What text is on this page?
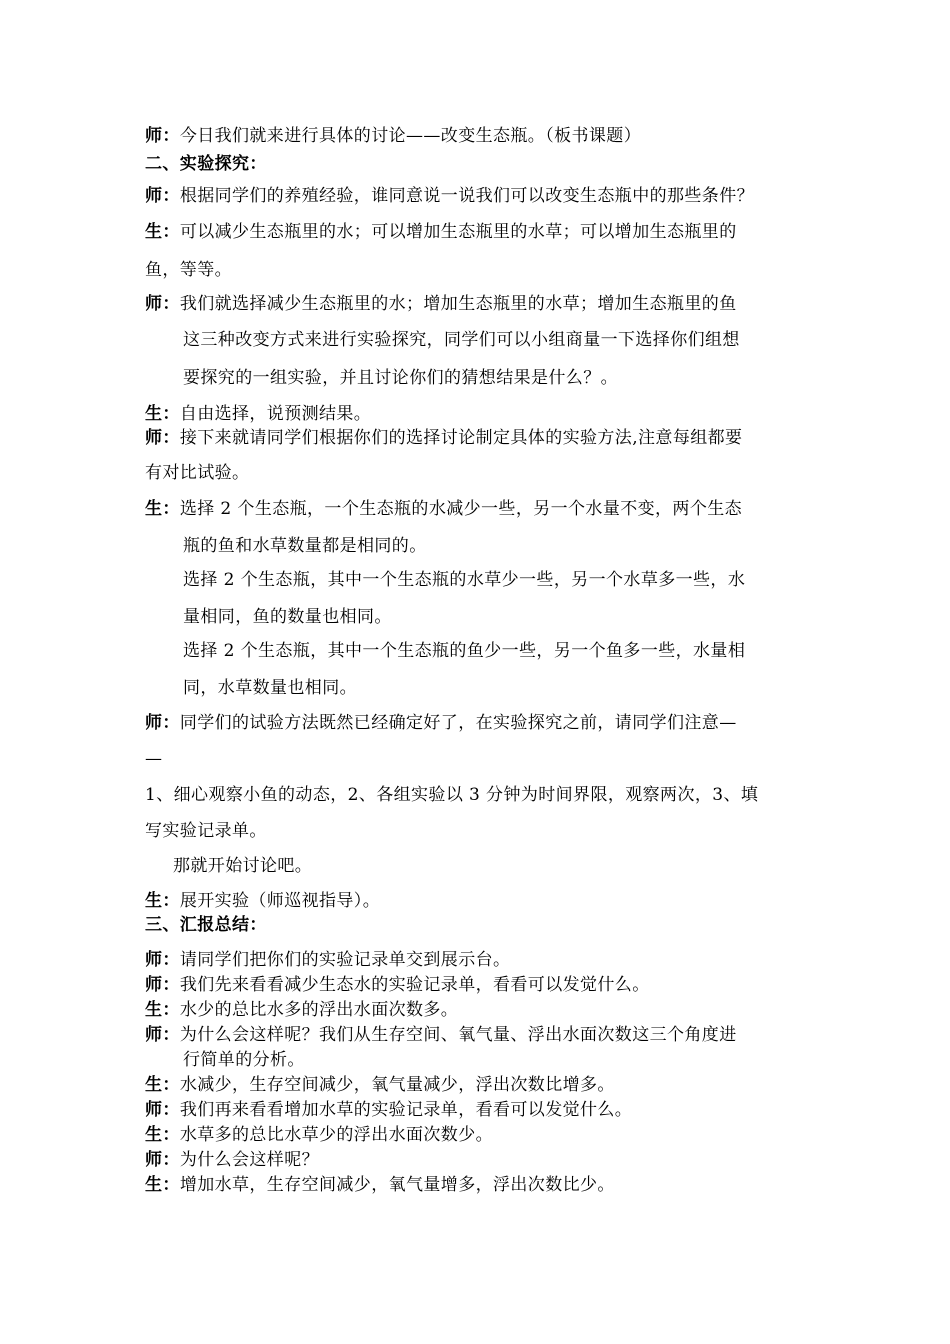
师：今日我们就来进行具体的讨论——改变生态瓶。（板书课题）
二、实验探究：
师：根据同学们的养殖经验，谁同意说一说我们可以改变生态瓶中的那些条件？
生：可以减少生态瓶里的水；可以增加生态瓶里的水草；可以增加生态瓶里的
鱼，等等。
师：我们就选择减少生态瓶里的水；增加生态瓶里的水草；增加生态瓶里的鱼
这三种改变方式来进行实验探究，同学们可以小组商量一下选择你们组想
要探究的一组实验，并且讨论你们的猜想结果是什么？。
生：自由选择，说预测结果。
师：接下来就请同学们根据你们的选择讨论制定具体的实验方法,注意每组都要
有对比试验。
生：选择 2 个生态瓶，一个生态瓶的水减少一些，另一个水量不变，两个生态
瓶的鱼和水草数量都是相同的。
选择 2 个生态瓶，其中一个生态瓶的水草少一些，另一个水草多一些，水
量相同，鱼的数量也相同。
选择 2 个生态瓶，其中一个生态瓶的鱼少一些，另一个鱼多一些，水量相
同，水草数量也相同。
师：同学们的试验方法既然已经确定好了，在实验探究之前，请同学们注意—
—
1、细心观察小鱼的动态，2、各组实验以 3 分钟为时间界限，观察两次，3、填
写实验记录单。
那就开始讨论吧。
生：展开实验（师巡视指导）。
三、汇报总结：
师：请同学们把你们的实验记录单交到展示台。
师：我们先来看看减少生态水的实验记录单，看看可以发觉什么。
生：水少的总比水多的浮出水面次数多。
师：为什么会这样呢？我们从生存空间、氧气量、浮出水面次数这三个角度进
行简单的分析。
生：水减少，生存空间减少，氧气量减少，浮出次数比增多。
师：我们再来看看增加水草的实验记录单，看看可以发觉什么。
生：水草多的总比水草少的浮出水面次数少。
师：为什么会这样呢？
生：增加水草，生存空间减少，氧气量增多，浮出次数比少。
